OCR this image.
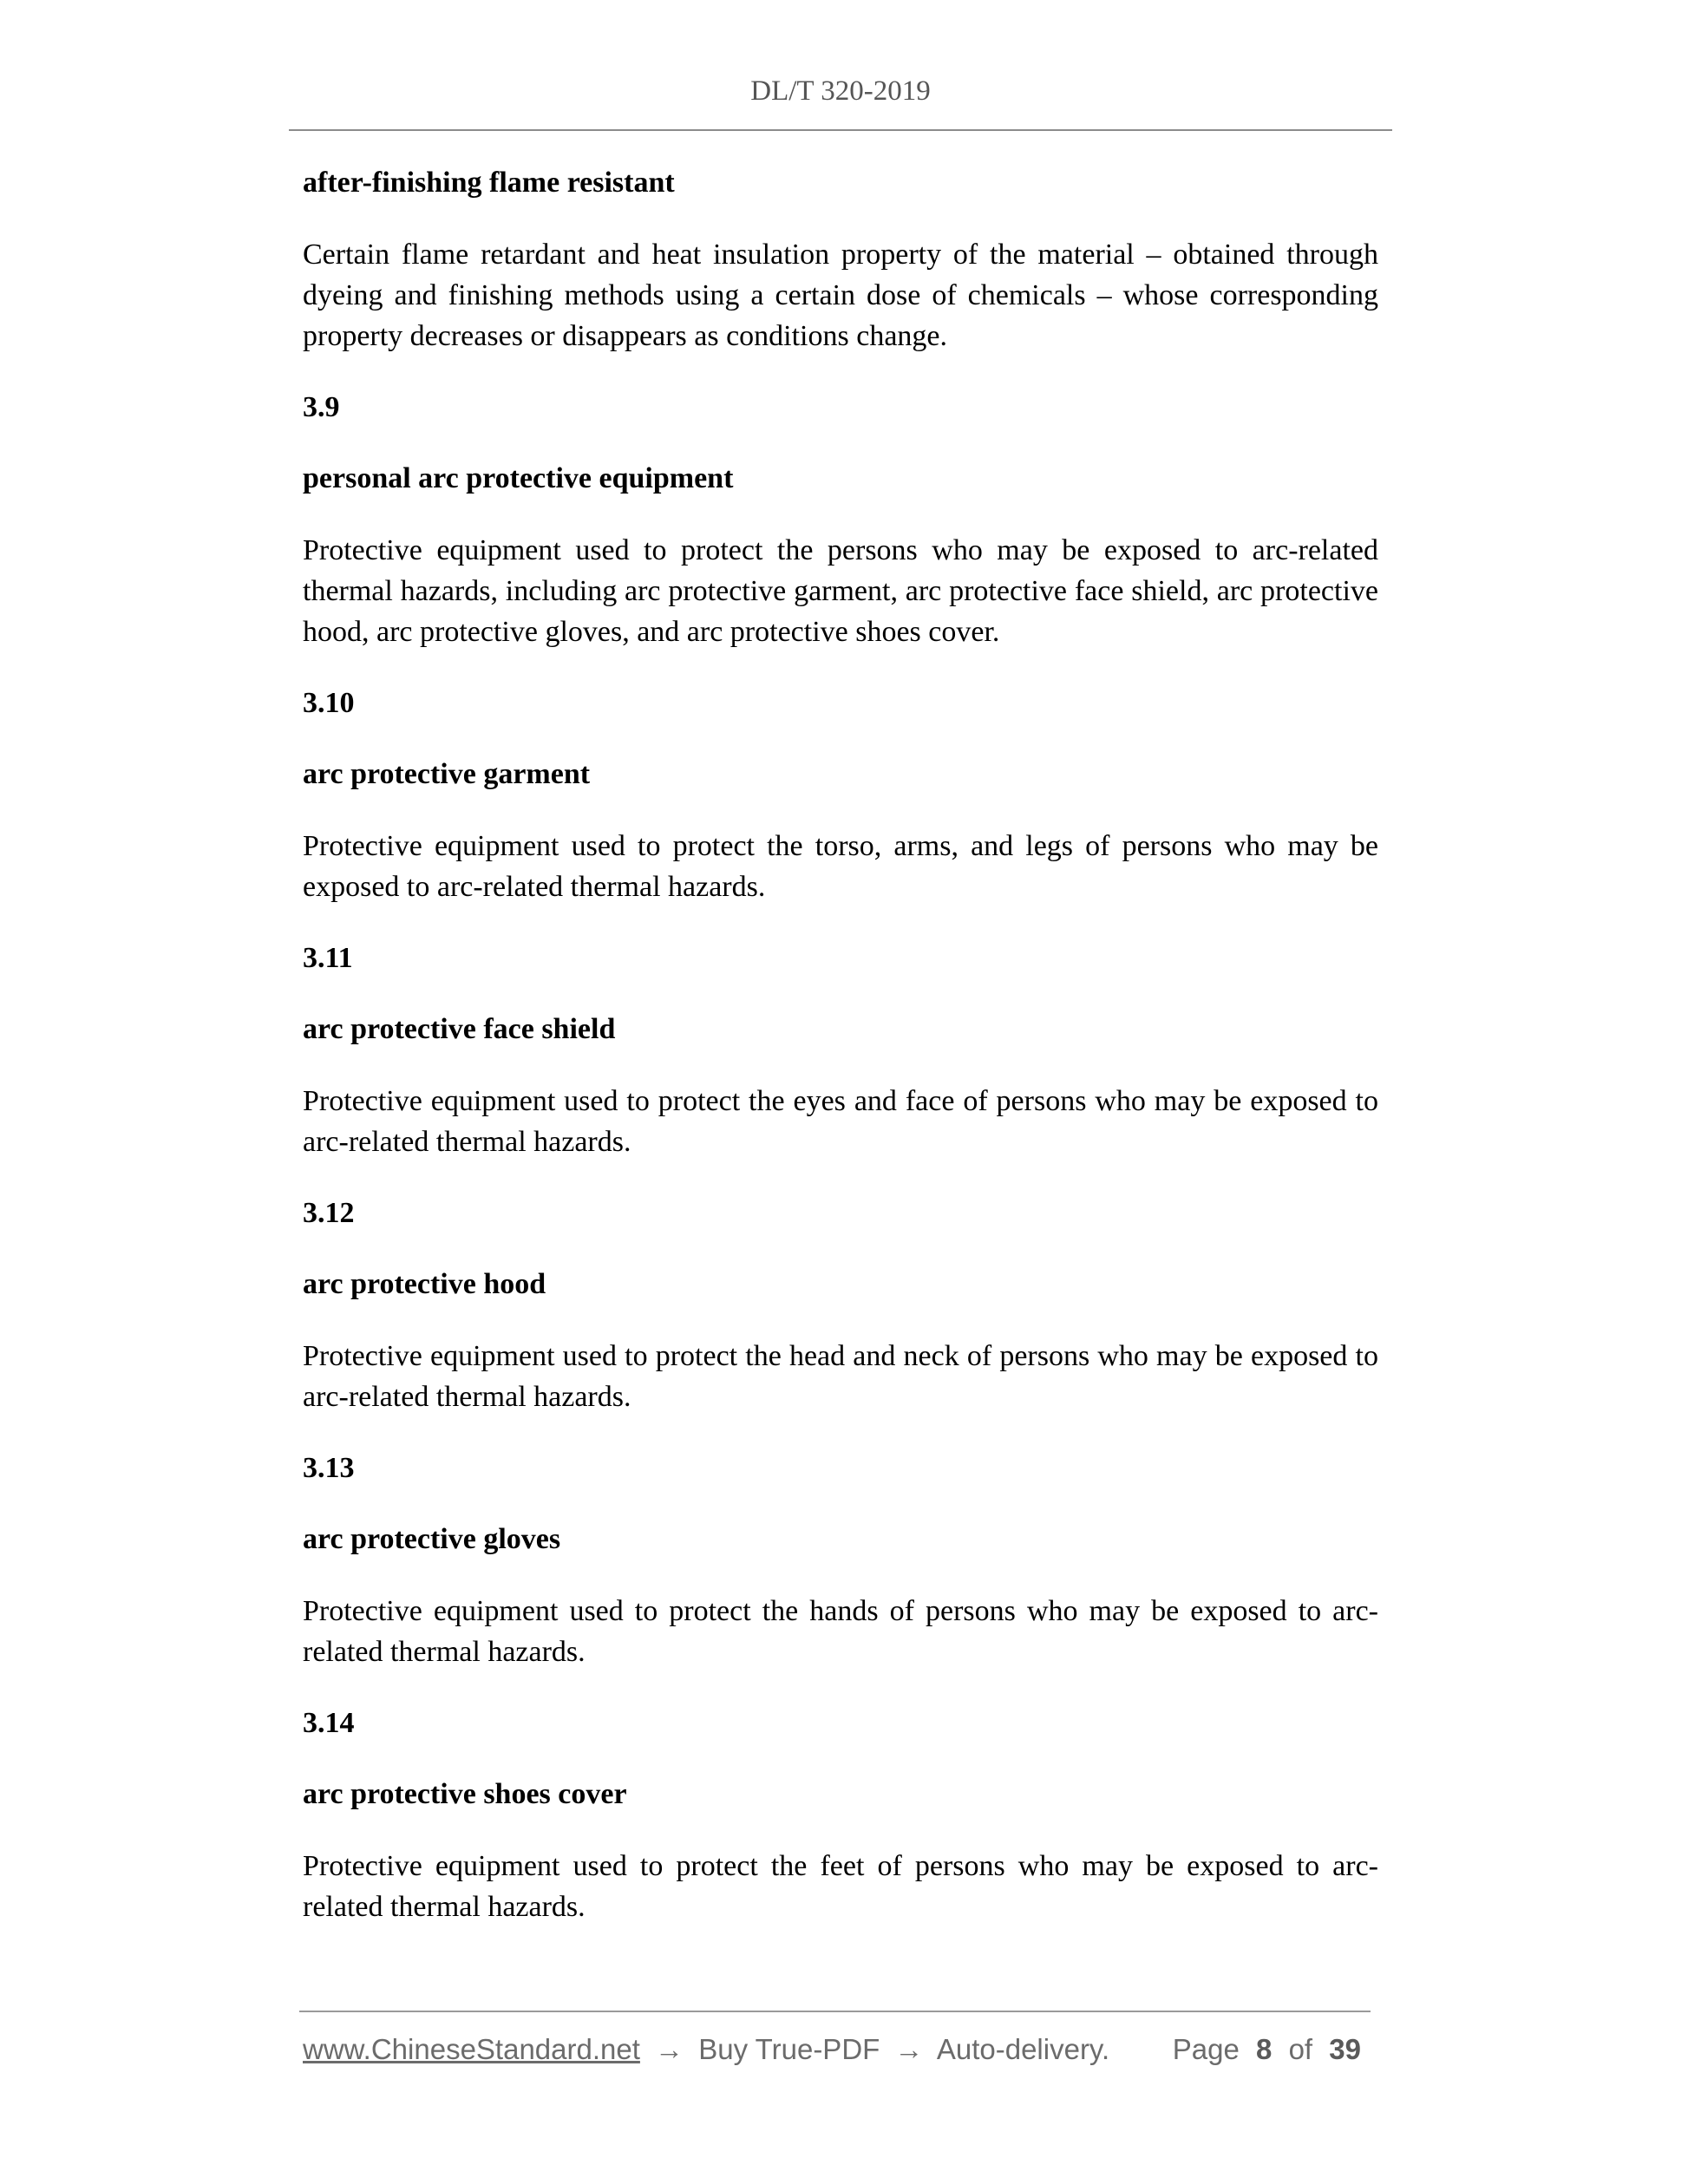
DL/T 320-2019
after-finishing flame resistant
Certain flame retardant and heat insulation property of the material – obtained through dyeing and finishing methods using a certain dose of chemicals – whose corresponding property decreases or disappears as conditions change.
3.9
personal arc protective equipment
Protective equipment used to protect the persons who may be exposed to arc-related thermal hazards, including arc protective garment, arc protective face shield, arc protective hood, arc protective gloves, and arc protective shoes cover.
3.10
arc protective garment
Protective equipment used to protect the torso, arms, and legs of persons who may be exposed to arc-related thermal hazards.
3.11
arc protective face shield
Protective equipment used to protect the eyes and face of persons who may be exposed to arc-related thermal hazards.
3.12
arc protective hood
Protective equipment used to protect the head and neck of persons who may be exposed to arc-related thermal hazards.
3.13
arc protective gloves
Protective equipment used to protect the hands of persons who may be exposed to arc-related thermal hazards.
3.14
arc protective shoes cover
Protective equipment used to protect the feet of persons who may be exposed to arc-related thermal hazards.
www.ChineseStandard.net → Buy True-PDF → Auto-delivery. Page 8 of 39
